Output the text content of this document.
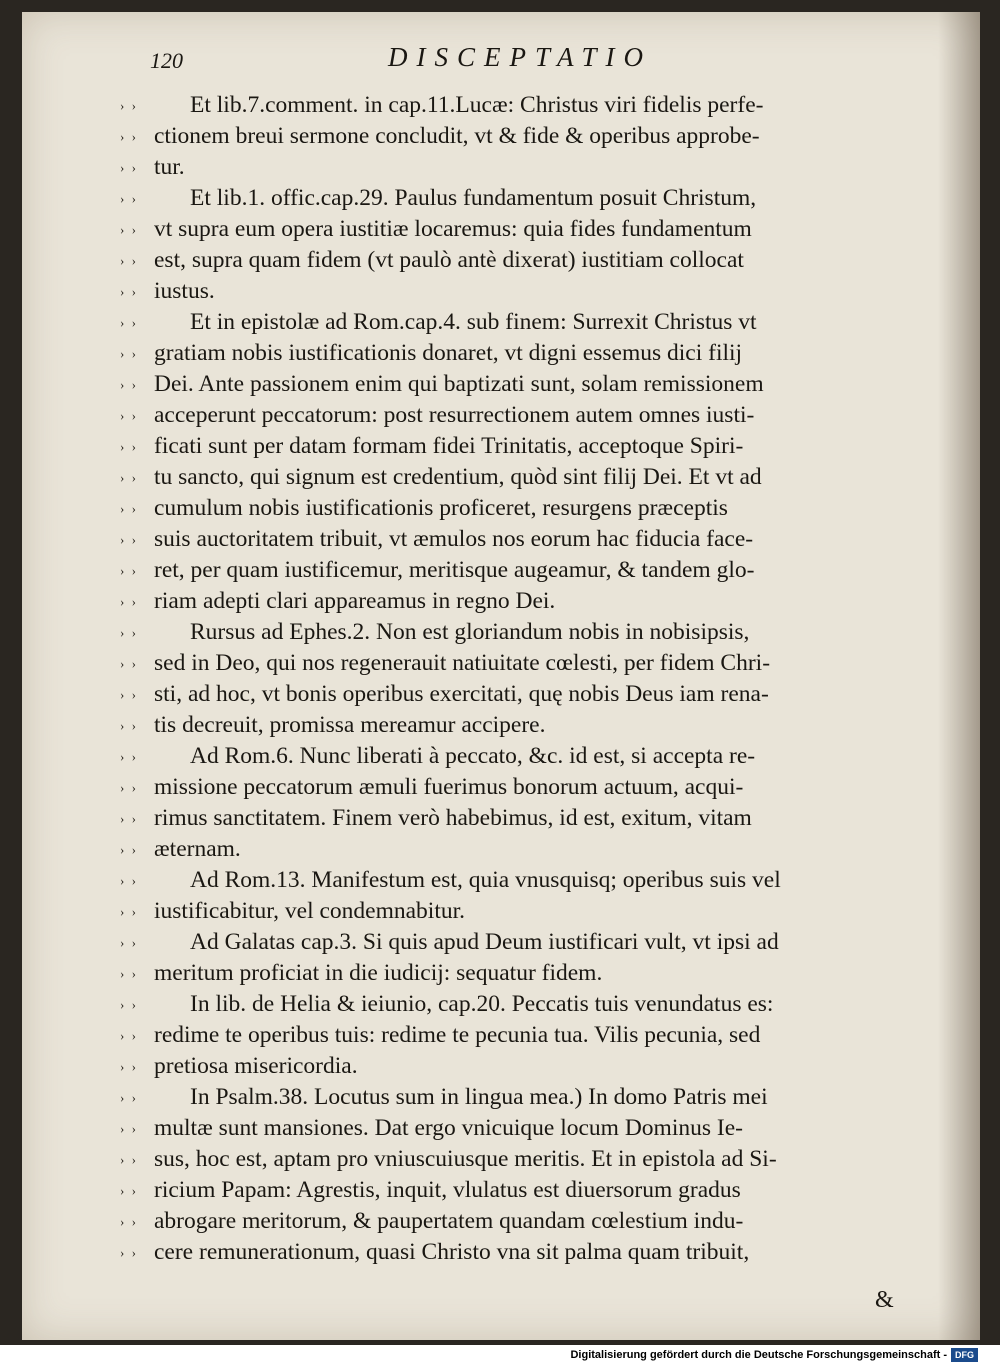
120	DISCEPTATIO
› ›	Et lib.7.comment. in cap.11.Lucæ: Christus viri fidelis perfe-
› › ctionem breui sermone concludit, vt & fide & operibus approbe-
› › tur.
› ›	Et lib.1. offic.cap.29. Paulus fundamentum posuit Christum,
› › vt supra eum opera iustitiæ locaremus: quia fides fundamentum
› › est, supra quam fidem (vt paulò antè dixerat) iustitiam collocat
› › iustus.
› ›	Et in epistolæ ad Rom.cap.4. sub finem: Surrexit Christus vt
› › gratiam nobis iustificationis donaret, vt digni essemus dici filij
› › Dei. Ante passionem enim qui baptizati sunt, solam remissionem
› › acceperunt peccatorum: post resurrectionem autem omnes iusti-
› › ficati sunt per datam formam fidei Trinitatis, acceptoque Spiri-
› › tu sancto, qui signum est credentium, quòd sint filij Dei. Et vt ad
› › cumulum nobis iustificationis proficeret, resurgens præceptis
› › suis auctoritatem tribuit, vt æmulos nos eorum hac fiducia face-
› › ret, per quam iustificemur, meritisque augeamur, & tandem glo-
› › riam adepti clari appareamus in regno Dei.
› ›	Rursus ad Ephes.2. Non est gloriandum nobis in nobisipsis,
› › sed in Deo, qui nos regenerauit natiuitate cœlesti, per fidem Chri-
› › sti, ad hoc, vt bonis operibus exercitati, quę nobis Deus iam rena-
› › tis decreuit, promissa mereamur accipere.
› ›	Ad Rom.6. Nunc liberati à peccato, &c. id est, si accepta re-
› › missione peccatorum æmuli fuerimus bonorum actuum, acqui-
› › rimus sanctitatem. Finem verò habebimus, id est, exitum, vitam
› › æternam.
› ›	Ad Rom.13. Manifestum est, quia vnusquisq; operibus suis vel
› › iustificabitur, vel condemnabitur.
› ›	Ad Galatas cap.3. Si quis apud Deum iustificari vult, vt ipsi ad
› › meritum proficiat in die iudicij: sequatur fidem.
› ›	In lib. de Helia & ieiunio, cap.20. Peccatis tuis venundatus es:
› › redime te operibus tuis: redime te pecunia tua. Vilis pecunia, sed
› › pretiosa misericordia.
› ›	In Psalm.38. Locutus sum in lingua mea.) In domo Patris mei
› › multæ sunt mansiones. Dat ergo vnicuique locum Dominus Ie-
› › sus, hoc est, aptam pro vniuscuiusque meritis. Et in epistola ad Si-
› › ricium Papam: Agrestis, inquit, vlulatus est diuersorum gradus
› › abrogare meritorum, & paupertatem quandam cœlestium indu-
› › cere remunerationum, quasi Christo vna sit palma quam tribuit,
&
Digitalisierung gefördert durch die Deutsche Forschungsgemeinschaft - DFG
